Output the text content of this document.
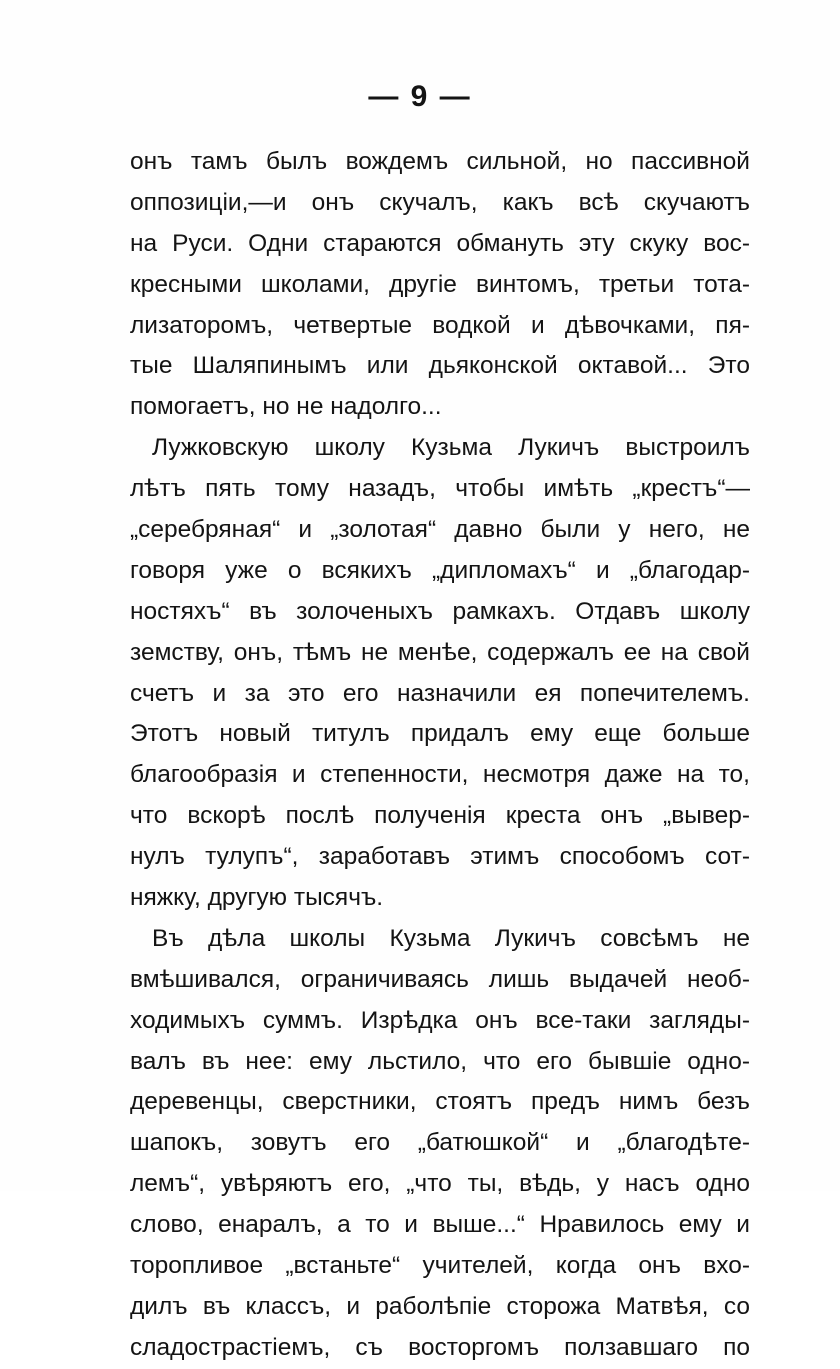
— 9 —
онъ тамъ былъ вождемъ сильной, но пассивной
оппозиціи,—и онъ скучалъ, какъ всѣ скучаютъ
на Руси. Одни стараются обмануть эту скуку вос-
кресными школами, другіе винтомъ, третьи тота-
лизаторомъ, четвертые водкой и дѣвочками, пя-
тые Шаляпинымъ или дьяконской октавой... Это
помогаетъ, но не надолго...
Лужковскую школу Кузьма Лукичъ выстроилъ
лѣтъ пять тому назадъ, чтобы имѣть „крестъ“—
„серебряная“ и „золотая“ давно были у него, не
говоря уже о всякихъ „дипломахъ“ и „благодар-
ностяхъ“ въ золоченыхъ рамкахъ. Отдавъ школу
земству, онъ, тѣмъ не менѣе, содержалъ ее на свой
счетъ и за это его назначили ея попечителемъ.
Этотъ новый титулъ придалъ ему еще больше
благообразія и степенности, несмотря даже на то,
что вскорѣ послѣ полученія креста онъ „вывер-
нулъ тулупъ“, заработавъ этимъ способомъ сот-
няжку, другую тысячъ.
Въ дѣла школы Кузьма Лукичъ совсѣмъ не
вмѣшивался, ограничиваясь лишь выдачей необ-
ходимыхъ суммъ. Изрѣдка онъ все-таки загляды-
валъ въ нее: ему льстило, что его бывшіе одно-
деревенцы, сверстники, стоятъ предъ нимъ безъ
шапокъ, зовутъ его „батюшкой“ и „благодѣте-
лемъ“, увѣряютъ его, „что ты, вѣдь, у насъ одно
слово, енаралъ, а то и выше...“ Нравилось ему и
торопливое „встаньте“ учителей, когда онъ вхо-
дилъ въ классъ, и раболѣпіе сторожа Матвѣя, со
сладострастіемъ, съ восторгомъ ползавшаго по
